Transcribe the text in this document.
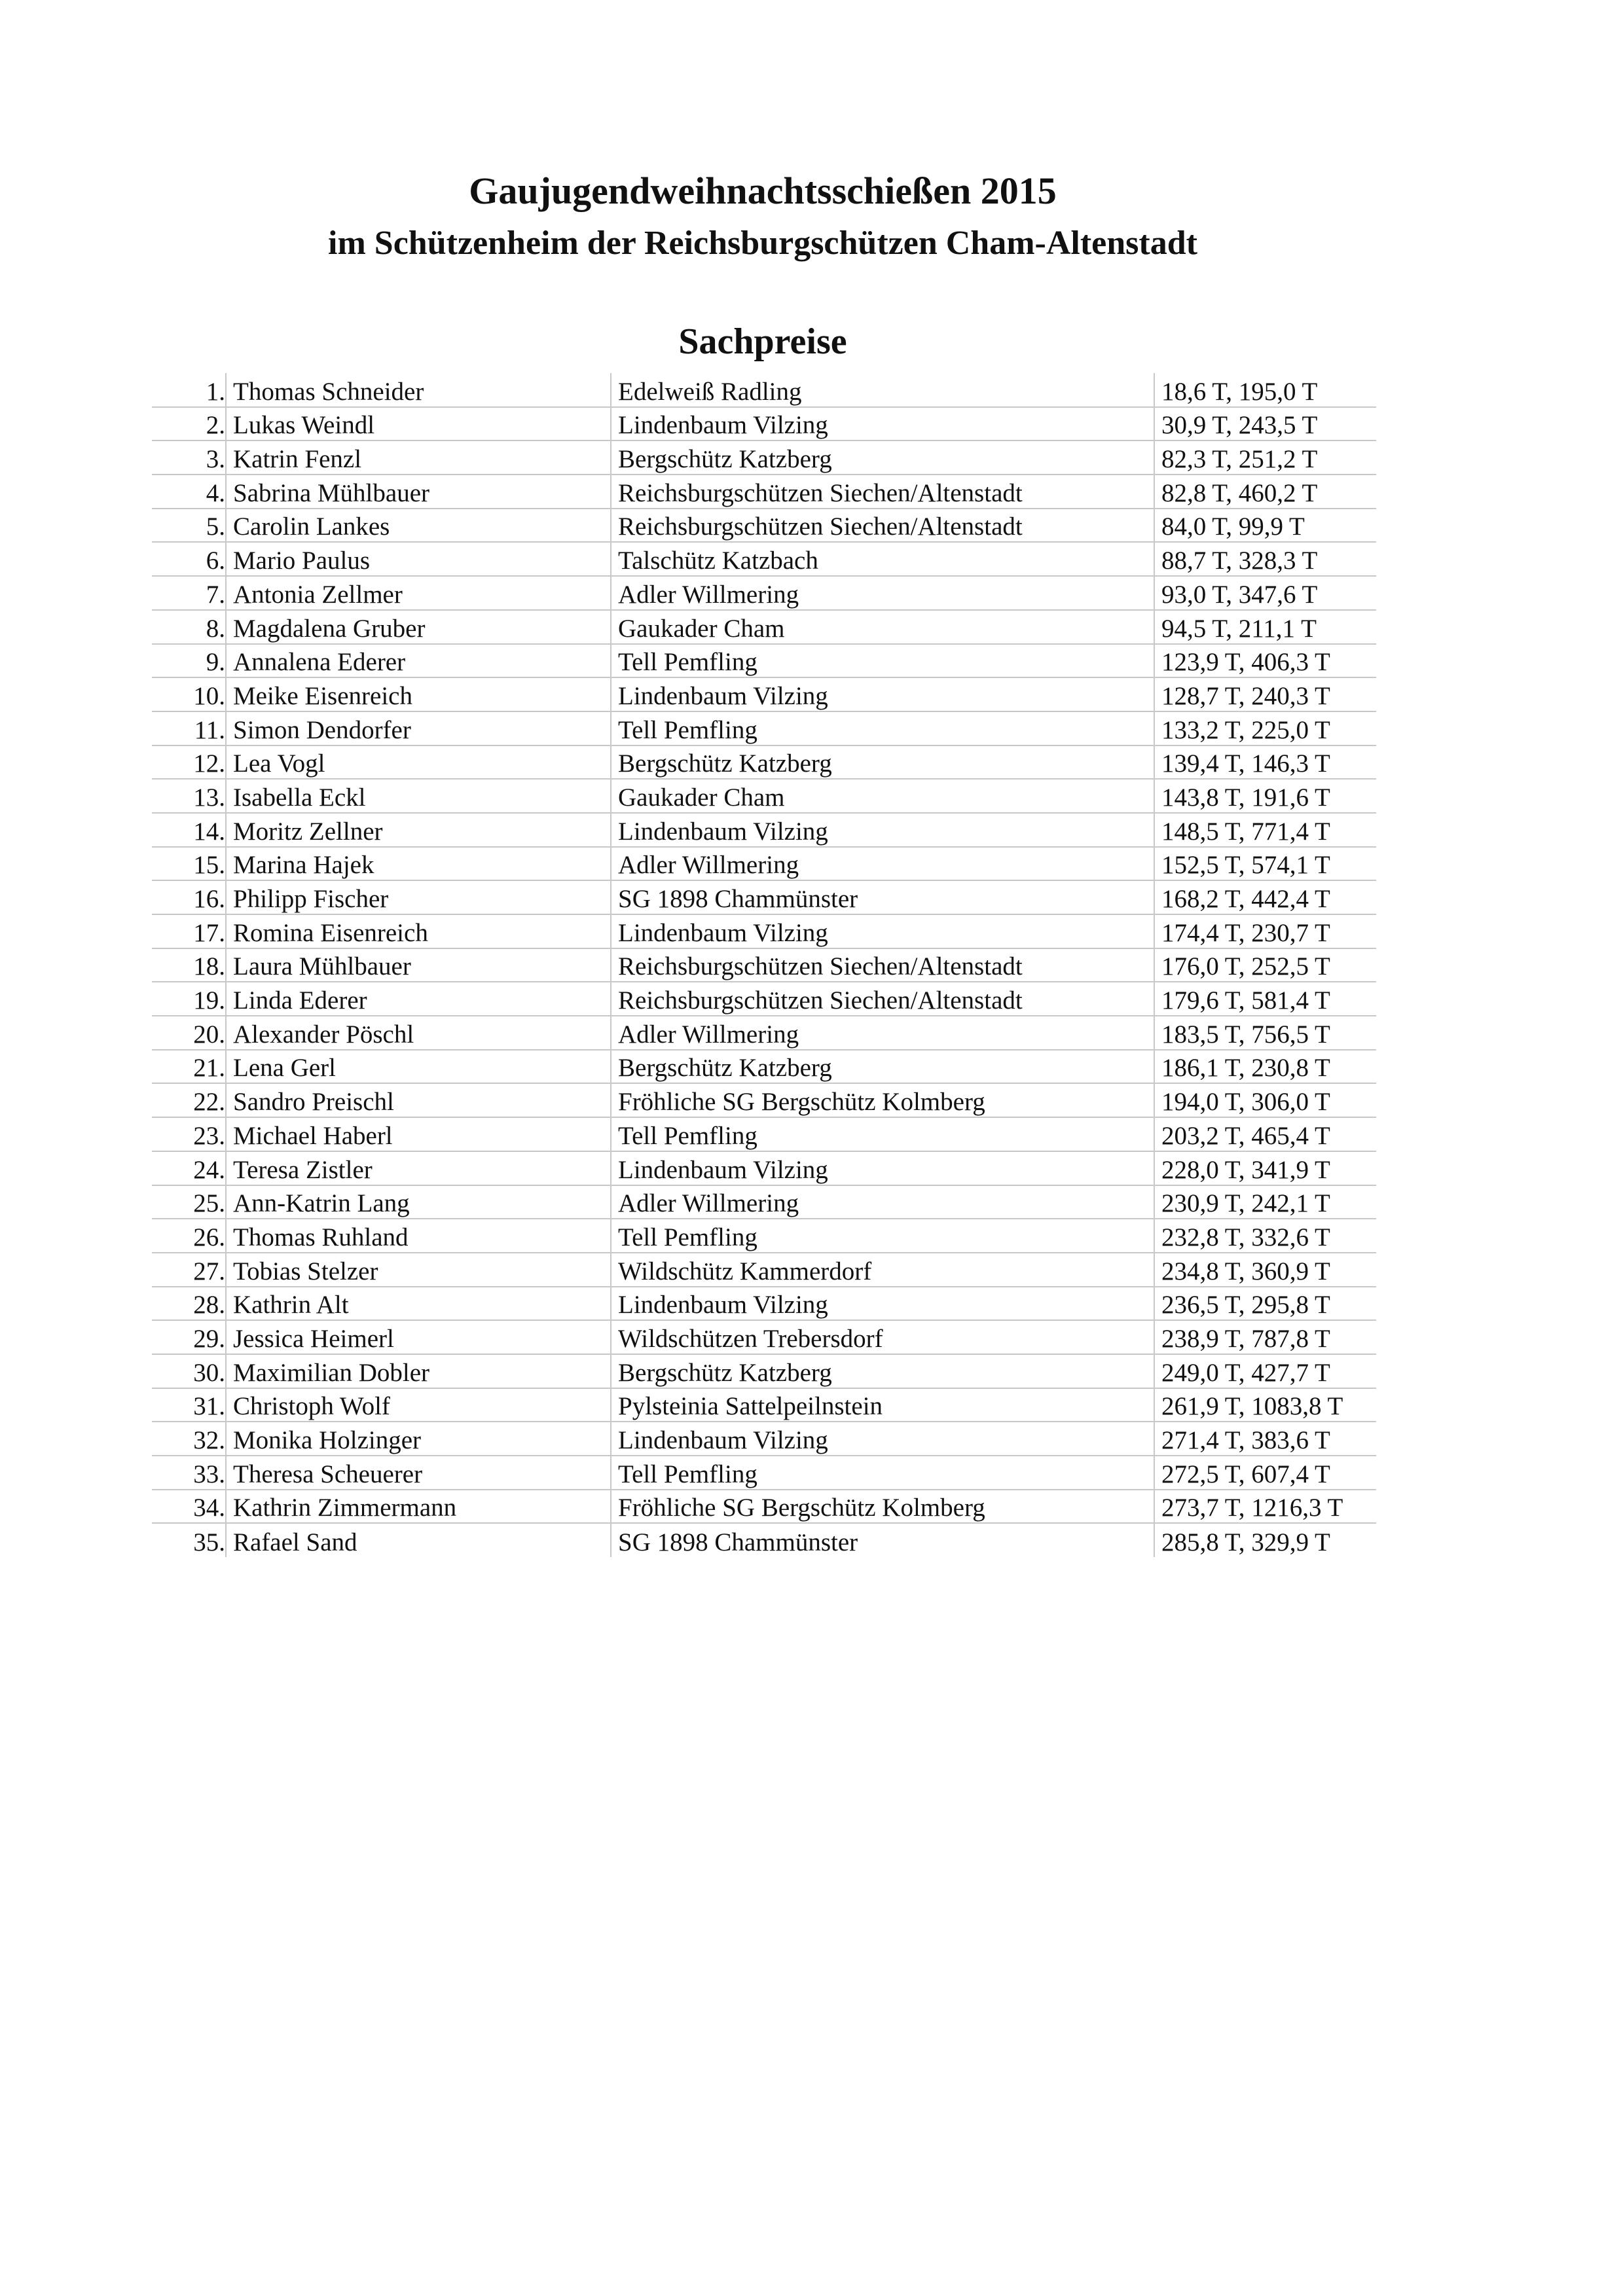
Gaujugendweihnachtsschießen 2015
im Schützenheim der Reichsburgschützen Cham-Altenstadt
Sachpreise
1.	Thomas Schneider	Edelweiß Radling	18,6 T, 195,0 T
2.	Lukas Weindl	Lindenbaum Vilzing	30,9 T, 243,5 T
3.	Katrin Fenzl	Bergschütz Katzberg	82,3 T, 251,2 T
4.	Sabrina Mühlbauer	Reichsburgschützen Siechen/Altenstadt	82,8 T, 460,2 T
5.	Carolin Lankes	Reichsburgschützen Siechen/Altenstadt	84,0 T, 99,9 T
6.	Mario Paulus	Talschütz Katzbach	88,7 T, 328,3 T
7.	Antonia Zellmer	Adler Willmering	93,0 T, 347,6 T
8.	Magdalena Gruber	Gaukader Cham	94,5 T, 211,1 T
9.	Annalena Ederer	Tell Pemfling	123,9 T, 406,3 T
10.	Meike Eisenreich	Lindenbaum Vilzing	128,7 T, 240,3 T
11.	Simon Dendorfer	Tell Pemfling	133,2 T, 225,0 T
12.	Lea Vogl	Bergschütz Katzberg	139,4 T, 146,3 T
13.	Isabella Eckl	Gaukader Cham	143,8 T, 191,6 T
14.	Moritz Zellner	Lindenbaum Vilzing	148,5 T, 771,4 T
15.	Marina Hajek	Adler Willmering	152,5 T, 574,1 T
16.	Philipp Fischer	SG 1898 Chammünster	168,2 T, 442,4 T
17.	Romina Eisenreich	Lindenbaum Vilzing	174,4 T, 230,7 T
18.	Laura Mühlbauer	Reichsburgschützen Siechen/Altenstadt	176,0 T, 252,5 T
19.	Linda Ederer	Reichsburgschützen Siechen/Altenstadt	179,6 T, 581,4 T
20.	Alexander Pöschl	Adler Willmering	183,5 T, 756,5 T
21.	Lena Gerl	Bergschütz Katzberg	186,1 T, 230,8 T
22.	Sandro Preischl	Fröhliche SG Bergschütz Kolmberg	194,0 T, 306,0 T
23.	Michael Haberl	Tell Pemfling	203,2 T, 465,4 T
24.	Teresa Zistler	Lindenbaum Vilzing	228,0 T, 341,9 T
25.	Ann-Katrin Lang	Adler Willmering	230,9 T, 242,1 T
26.	Thomas Ruhland	Tell Pemfling	232,8 T, 332,6 T
27.	Tobias Stelzer	Wildschütz Kammerdorf	234,8 T, 360,9 T
28.	Kathrin Alt	Lindenbaum Vilzing	236,5 T, 295,8 T
29.	Jessica Heimerl	Wildschützen Trebersdorf	238,9 T, 787,8 T
30.	Maximilian Dobler	Bergschütz Katzberg	249,0 T, 427,7 T
31.	Christoph Wolf	Pylsteinia Sattelpeilnstein	261,9 T, 1083,8 T
32.	Monika Holzinger	Lindenbaum Vilzing	271,4 T, 383,6 T
33.	Theresa Scheuerer	Tell Pemfling	272,5 T, 607,4 T
34.	Kathrin Zimmermann	Fröhliche SG Bergschütz Kolmberg	273,7 T, 1216,3 T
35.	Rafael Sand	SG 1898 Chammünster	285,8 T, 329,9 T
